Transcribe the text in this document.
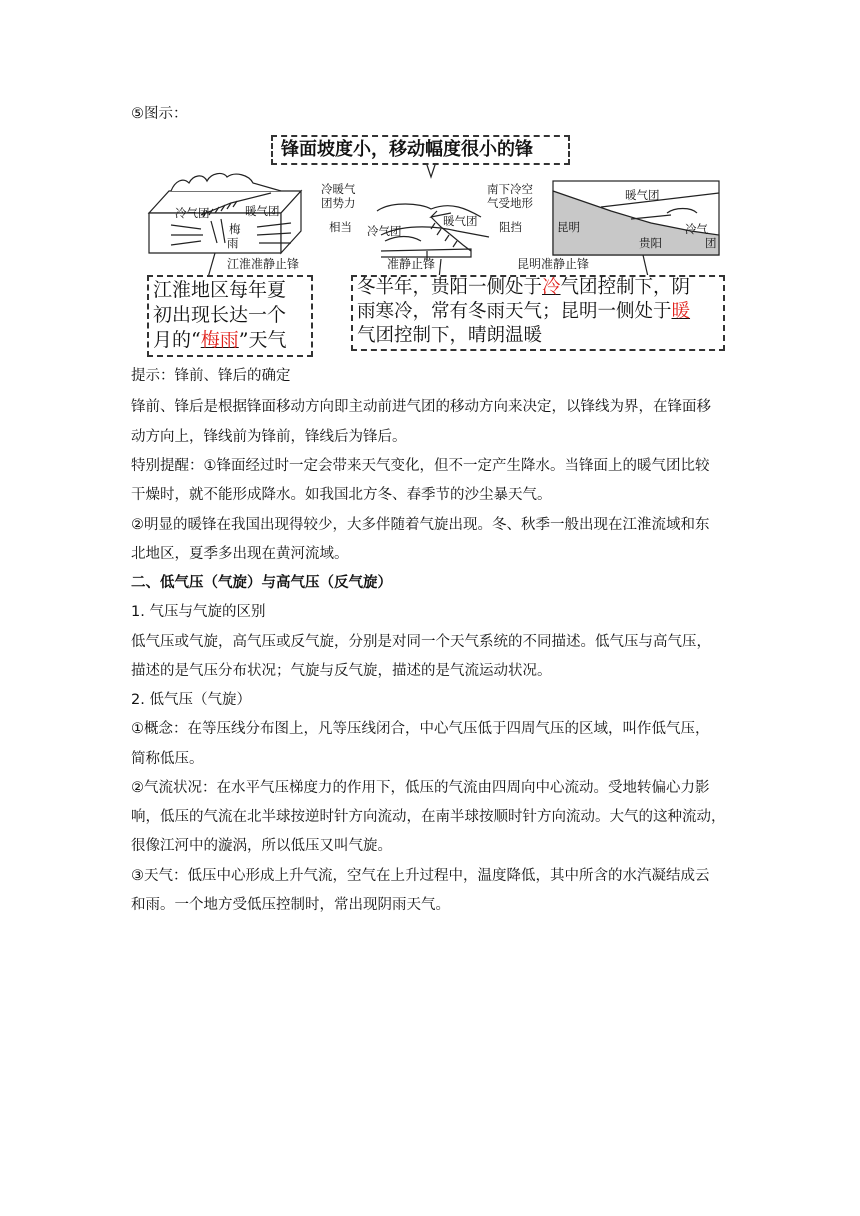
⑤图示：
锋面坡度小，移动幅度很小的锋
冷气团	暖气团
梅
雨
江淮准静止锋
冷暖气
团势力
相当 冷气团
暖气团
准静止锋
南下冷空
气受地形
阻挡	昆明
贵阳
暖气团
冷气
团
昆明准静止锋
江淮地区每年夏
初出现长达一个
月的“梅雨”天气
冬半年，贵阳一侧处于冷气团控制下，阴
雨寒冷，常有冬雨天气；昆明一侧处于暖
气团控制下，晴朗温暖
提示：锋前、锋后的确定
锋前、锋后是根据锋面移动方向即主动前进气团的移动方向来决定，以锋线为界，在锋面移
动方向上，锋线前为锋前，锋线后为锋后。
特别提醒：①锋面经过时一定会带来天气变化，但不一定产生降水。当锋面上的暖气团比较
干燥时，就不能形成降水。如我国北方冬、春季节的沙尘暴天气。
②明显的暖锋在我国出现得较少，大多伴随着气旋出现。冬、秋季一般出现在江淮流域和东
北地区，夏季多出现在黄河流域。
二、低气压（气旋）与高气压（反气旋）
1. 气压与气旋的区别
低气压或气旋，高气压或反气旋，分别是对同一个天气系统的不同描述。低气压与高气压，
描述的是气压分布状况；气旋与反气旋，描述的是气流运动状况。
2. 低气压（气旋）
①概念：在等压线分布图上，凡等压线闭合，中心气压低于四周气压的区域，叫作低气压，
简称低压。
②气流状况：在水平气压梯度力的作用下，低压的气流由四周向中心流动。受地转偏心力影
响，低压的气流在北半球按逆时针方向流动，在南半球按顺时针方向流动。大气的这种流动，
很像江河中的漩涡，所以低压又叫气旋。
③天气：低压中心形成上升气流，空气在上升过程中，温度降低，其中所含的水汽凝结成云
和雨。一个地方受低压控制时，常出现阴雨天气。
